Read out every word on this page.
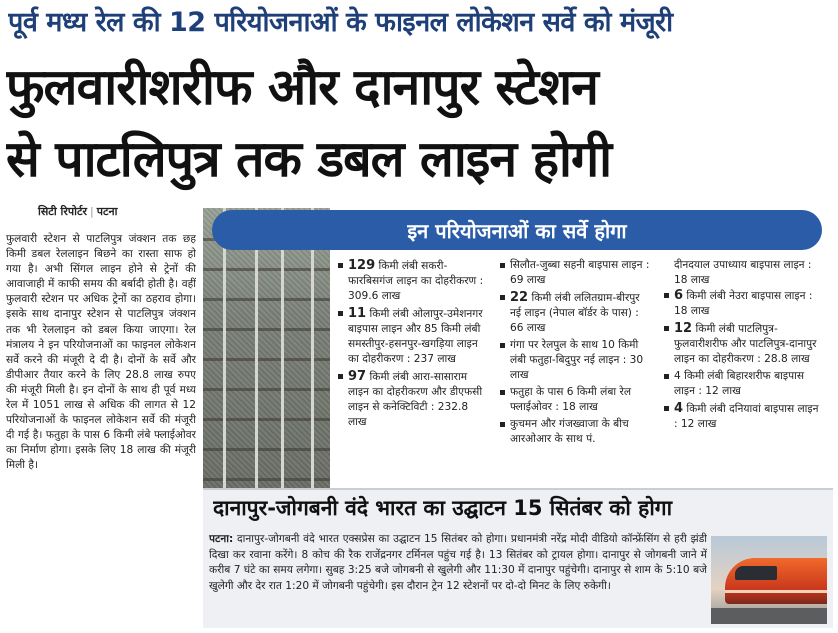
पूर्व मध्य रेल की 12 परियोजनाओं के फाइनल लोकेशन सर्वे को मंजूरी
फुलवारीशरीफ और दानापुर स्टेशन
से पाटलिपुत्र तक डबल लाइन होगी
सिटी रिपोर्टर | पटना
फुलवारी स्टेशन से पाटलिपुत्र जंक्शन तक छह किमी डबल रेललाइन बिछने का रास्ता साफ हो गया है। अभी सिंगल लाइन होने से ट्रेनों की आवाजाही में काफी समय की बर्बादी होती है। वहीं फुलवारी स्टेशन पर अधिक ट्रेनों का ठहराव होगा। इसके साथ दानापुर स्टेशन से पाटलिपुत्र जंक्शन तक भी रेललाइन को डबल किया जाएगा। रेल मंत्रालय ने इन परियोजनाओं का फाइनल लोकेशन सर्वे करने की मंजूरी दे दी है। दोनों के सर्वे और डीपीआर तैयार करने के लिए 28.8 लाख रुपए की मंजूरी मिली है। इन दोनों के साथ ही पूर्व मध्य रेल में 1051 लाख से अधिक की लागत से 12 परियोजनाओं के फाइनल लोकेशन सर्वे की मंजूरी दी गई है। फतुहा के पास 6 किमी लंबे फ्लाईओवर का निर्माण होगा। इसके लिए 18 लाख की मंजूरी मिली है।
इन परियोजनाओं का सर्वे होगा
129 किमी लंबी सकरी-फारबिसगंज लाइन का दोहरीकरण : 309.6 लाख
11 किमी लंबी ओलापुर-उमेशनगर बाइपास लाइन और 85 किमी लंबी समस्तीपुर-हसनपुर-खगड़िया लाइन का दोहरीकरण : 237 लाख
97 किमी लंबी आरा-सासाराम लाइन का दोहरीकरण और डीएफसी लाइन से कनेक्टिविटी : 232.8 लाख
सिलौत-जुब्बा सहनी बाइपास लाइन : 69 लाख
22 किमी लंबी ललितग्राम-बीरपुर नई लाइन (नेपाल बॉर्डर के पास) : 66 लाख
गंगा पर रेलपुल के साथ 10 किमी लंबी फतुहा-बिदुपुर नई लाइन : 30 लाख
फतुहा के पास 6 किमी लंबा रेल फ्लाईओवर : 18 लाख
कुचमन और गंजख्वाजा के बीच आरओआर के साथ पं.
दीनदयाल उपाध्याय बाइपास लाइन : 18 लाख
6 किमी लंबी नेउरा बाइपास लाइन : 18 लाख
12 किमी लंबी पाटलिपुत्र-फुलवारीशरीफ और पाटलिपुत्र-दानापुर लाइन का दोहरीकरण : 28.8 लाख
4 किमी लंबी बिहारशरीफ बाइपास लाइन : 12 लाख
4 किमी लंबी दनियावां बाइपास लाइन : 12 लाख
दानापुर-जोगबनी वंदे भारत का उद्घाटन 15 सितंबर को होगा
पटना: दानापुर-जोगबनी वंदे भारत एक्सप्रेस का उद्घाटन 15 सितंबर को होगा। प्रधानमंत्री नरेंद्र मोदी वीडियो कॉन्फ्रेंसिंग से हरी झंडी दिखा कर रवाना करेंगे। 8 कोच की रैक राजेंद्रनगर टर्मिनल पहुंच गई है। 13 सितंबर को ट्रायल होगा। दानापुर से जोगबनी जाने में करीब 7 घंटे का समय लगेगा। सुबह 3:25 बजे जोगबनी से खुलेगी और 11:30 में दानापुर पहुंचेगी। दानापुर से शाम के 5:10 बजे खुलेगी और देर रात 1:20 में जोगबनी पहुंचेगी। इस दौरान ट्रेन 12 स्टेशनों पर दो-दो मिनट के लिए रुकेगी।
